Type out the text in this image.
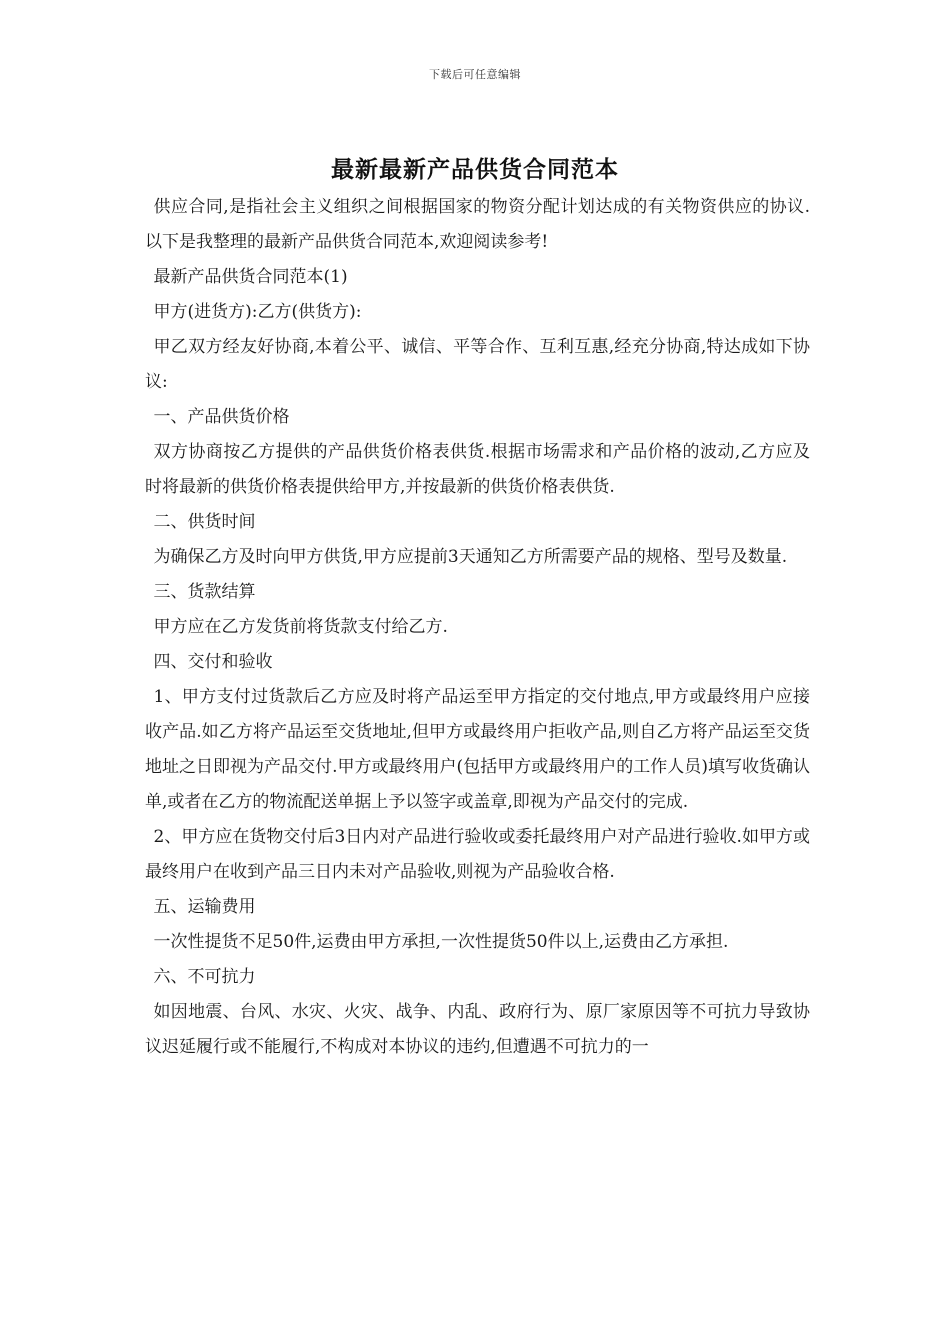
下载后可任意编辑
最新最新产品供货合同范本

供应合同,是指社会主义组织之间根据国家的物资分配计划达成的有关物资供应的协议.以下是我整理的最新产品供货合同范本,欢迎阅读参考!

最新产品供货合同范本(1)

甲方(进货方):乙方(供货方):

甲乙双方经友好协商,本着公平、诚信、平等合作、互利互惠,经充分协商,特达成如下协议:

一、产品供货价格

双方协商按乙方提供的产品供货价格表供货.根据市场需求和产品价格的波动,乙方应及时将最新的供货价格表提供给甲方,并按最新的供货价格表供货.

二、供货时间

为确保乙方及时向甲方供货,甲方应提前3天通知乙方所需要产品的规格、型号及数量.

三、货款结算

甲方应在乙方发货前将货款支付给乙方.

四、交付和验收

1、甲方支付过货款后乙方应及时将产品运至甲方指定的交付地点,甲方或最终用户应接收产品.如乙方将产品运至交货地址,但甲方或最终用户拒收产品,则自乙方将产品运至交货地址之日即视为产品交付.甲方或最终用户(包括甲方或最终用户的工作人员)填写收货确认单,或者在乙方的物流配送单据上予以签字或盖章,即视为产品交付的完成.

2、甲方应在货物交付后3日内对产品进行验收或委托最终用户对产品进行验收.如甲方或最终用户在收到产品三日内未对产品验收,则视为产品验收合格.

五、运输费用

一次性提货不足50件,运费由甲方承担,一次性提货50件以上,运费由乙方承担.

六、不可抗力

如因地震、台风、水灾、火灾、战争、内乱、政府行为、原厂家原因等不可抗力导致协议迟延履行或不能履行,不构成对本协议的违约,但遭遇不可抗力的一
